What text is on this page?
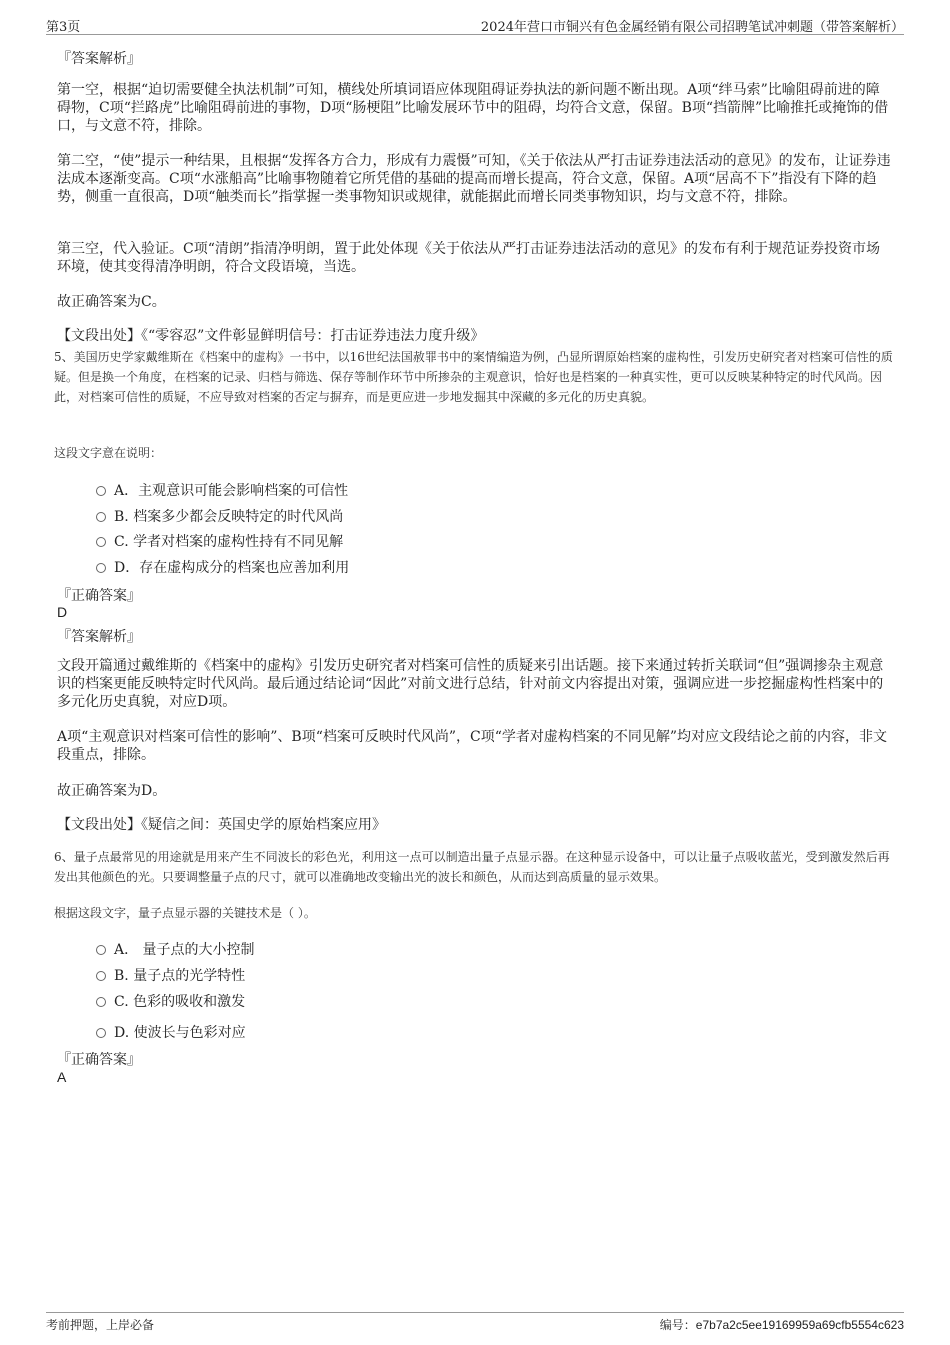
第3页	2024年营口市铜兴有色金属经销有限公司招聘笔试冲刺题（带答案解析）
『答案解析』

第一空，根据“迫切需要健全执法机制”可知，横线处所填词语应体现阻碍证券执法的新问题不断出现。A项“绊马索”比喻阻碍前进的障碍物，C项“拦路虎”比喻阻碍前进的事物，D项“肠梗阻”比喻发展环节中的阻碍，均符合文意，保留。B项“挡箭牌”比喻推托或掩饰的借口，与文意不符，排除。

第二空，“使”提示一种结果，且根据“发挥各方合力，形成有力震慑”可知，《关于依法从严打击证券违法活动的意见》的发布，让证券违法成本逐渐变高。C项“水涨船高”比喻事物随着它所凭借的基础的提高而增长提高，符合文意，保留。A项“居高不下”指没有下降的趋势，侧重一直很高，D项“触类而长”指掌握一类事物知识或规律，就能据此而增长同类事物知识，均与文意不符，排除。

第三空，代入验证。C项“清朗”指清净明朗，置于此处体现《关于依法从严打击证券违法活动的意见》的发布有利于规范证券投资市场环境，使其变得清净明朗，符合文段语境，当选。

故正确答案为C。
【文段出处】《“零容忍”文件彰显鲜明信号：打击证券违法力度升级》

5、美国历史学家戴维斯在《档案中的虚构》一书中，以16世纪法国赦罪书中的案情编造为例，凸显所谓原始档案的虚构性，引发历史研究者对档案可信性的质疑。但是换一个角度，在档案的记录、归档与筛选、保存等制作环节中所掺杂的主观意识，恰好也是档案的一种真实性，更可以反映某种特定的时代风尚。因此，对档案可信性的质疑，不应导致对档案的否定与摒弃，而是更应进一步地发掘其中深藏的多元化的历史真貌。

这段文字意在说明：

A．主观意识可能会影响档案的可信性
B. 档案多少都会反映特定的时代风尚
C. 学者对档案的虚构性持有不同见解
D．存在虚构成分的档案也应善加利用
『正确答案』
D
『答案解析』

文段开篇通过戴维斯的《档案中的虚构》引发历史研究者对档案可信性的质疑来引出话题。接下来通过转折关联词“但”强调掺杂主观意识的档案更能反映特定时代风尚。最后通过结论词“因此”对前文进行总结，针对前文内容提出对策，强调应进一步挖掘虚构性档案中的多元化历史真貌，对应D项。

A项“主观意识对档案可信性的影响”、B项“档案可反映时代风尚”，C项“学者对虚构档案的不同见解”均对应文段结论之前的内容，非文段重点，排除。

故正确答案为D。
【文段出处】《疑信之间：英国史学的原始档案应用》

6、量子点最常见的用途就是用来产生不同波长的彩色光，利用这一点可以制造出量子点显示器。在这种显示设备中，可以让量子点吸收蓝光，受到激发然后再发出其他颜色的光。只要调整量子点的尺寸，就可以准确地改变输出光的波长和颜色，从而达到高质量的显示效果。

根据这段文字，量子点显示器的关键技术是（ ）。

A． 量子点的大小控制
B. 量子点的光学特性
C. 色彩的吸收和激发
D. 使波长与色彩对应
『正确答案』
A
考前押题，上岸必备	编号：e7b7a2c5ee19169959a69cfb5554c623
